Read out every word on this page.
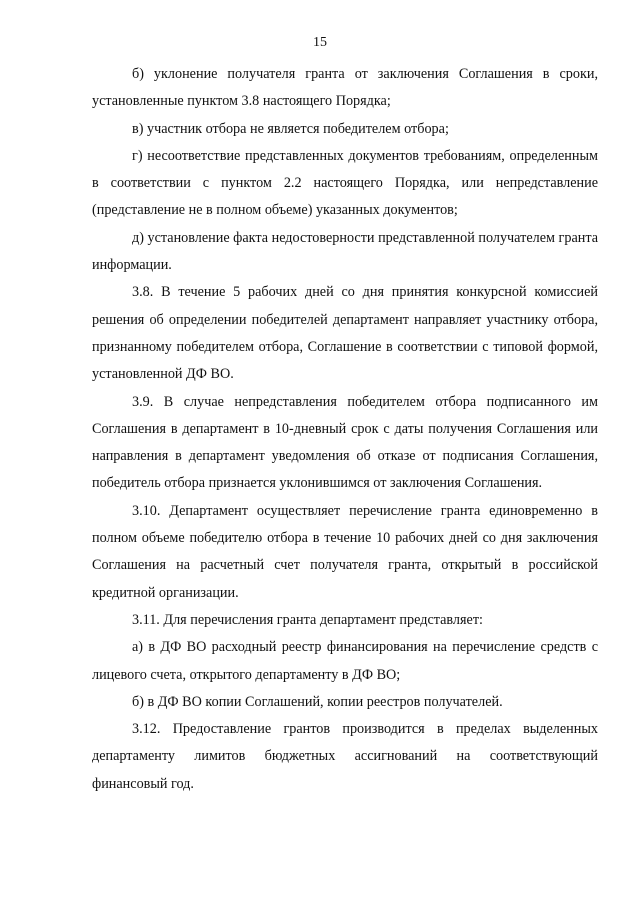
15

б) уклонение получателя гранта от заключения Соглашения в сроки, установленные пунктом 3.8 настоящего Порядка;

в) участник отбора не является победителем отбора;

г) несоответствие представленных документов требованиям, определенным в соответствии с пунктом 2.2 настоящего Порядка, или непредставление (представление не в полном объеме) указанных документов;

д) установление факта недостоверности представленной получателем гранта информации.

3.8. В течение 5 рабочих дней со дня принятия конкурсной комиссией решения об определении победителей департамент направляет участнику отбора, признанному победителем отбора, Соглашение в соответствии с типовой формой, установленной ДФ ВО.

3.9. В случае непредставления победителем отбора подписанного им Соглашения в департамент в 10-дневный срок с даты получения Соглашения или направления в департамент уведомления об отказе от подписания Соглашения, победитель отбора признается уклонившимся от заключения Соглашения.

3.10. Департамент осуществляет перечисление гранта единовременно в полном объеме победителю отбора в течение 10 рабочих дней со дня заключения Соглашения на расчетный счет получателя гранта, открытый в российской кредитной организации.

3.11. Для перечисления гранта департамент представляет:

а) в ДФ ВО расходный реестр финансирования на перечисление средств с лицевого счета, открытого департаменту в ДФ ВО;

б) в ДФ ВО копии Соглашений, копии реестров получателей.

3.12. Предоставление грантов производится в пределах выделенных департаменту лимитов бюджетных ассигнований на соответствующий финансовый год.
